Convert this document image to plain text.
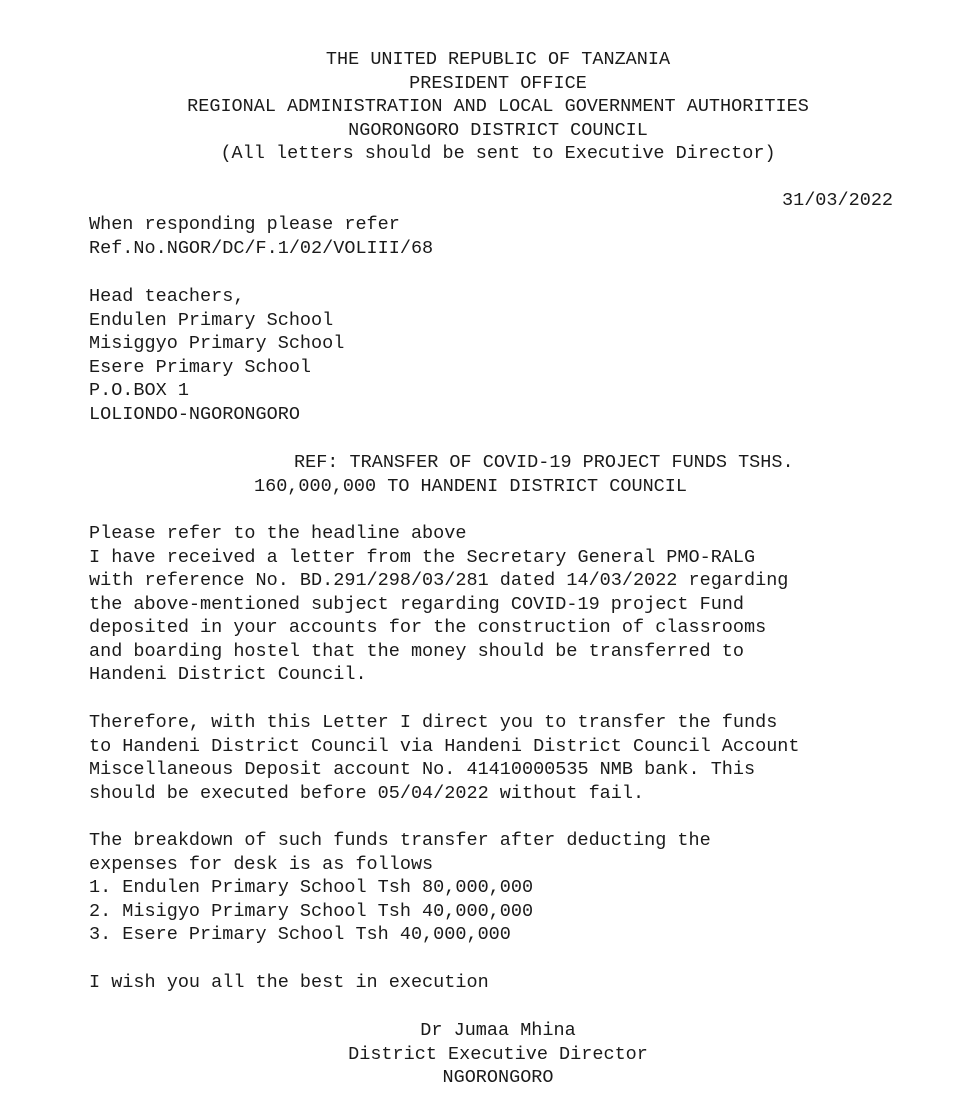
THE UNITED REPUBLIC OF TANZANIA
PRESIDENT OFFICE
REGIONAL ADMINISTRATION AND LOCAL GOVERNMENT AUTHORITIES
NGORONGORO DISTRICT COUNCIL
(All letters should be sent to Executive Director)
31/03/2022
When responding please refer
Ref.No.NGOR/DC/F.1/02/VOLIII/68
Head teachers,
Endulen Primary School
Misiggyo Primary School
Esere Primary School
P.O.BOX 1
LOLIONDO-NGORONGORO
REF: TRANSFER OF COVID-19 PROJECT FUNDS TSHS.
160,000,000 TO HANDENI DISTRICT COUNCIL
Please refer to the headline above
I have received a letter from the Secretary General PMO-RALG
with reference No. BD.291/298/03/281 dated 14/03/2022 regarding
the above-mentioned subject regarding COVID-19 project Fund
deposited in your accounts for the construction of classrooms
and boarding hostel that the money should be transferred to
Handeni District Council.
Therefore, with this Letter I direct you to transfer the funds
to Handeni District Council via Handeni District Council Account
Miscellaneous Deposit account No. 41410000535 NMB bank. This
should be executed before 05/04/2022 without fail.
The breakdown of such funds transfer after deducting the
expenses for desk is as follows
1. Endulen Primary School Tsh 80,000,000
2. Misigyo Primary School Tsh 40,000,000
3. Esere Primary School Tsh 40,000,000
I wish you all the best in execution
Dr Jumaa Mhina
District Executive Director
NGORONGORO
